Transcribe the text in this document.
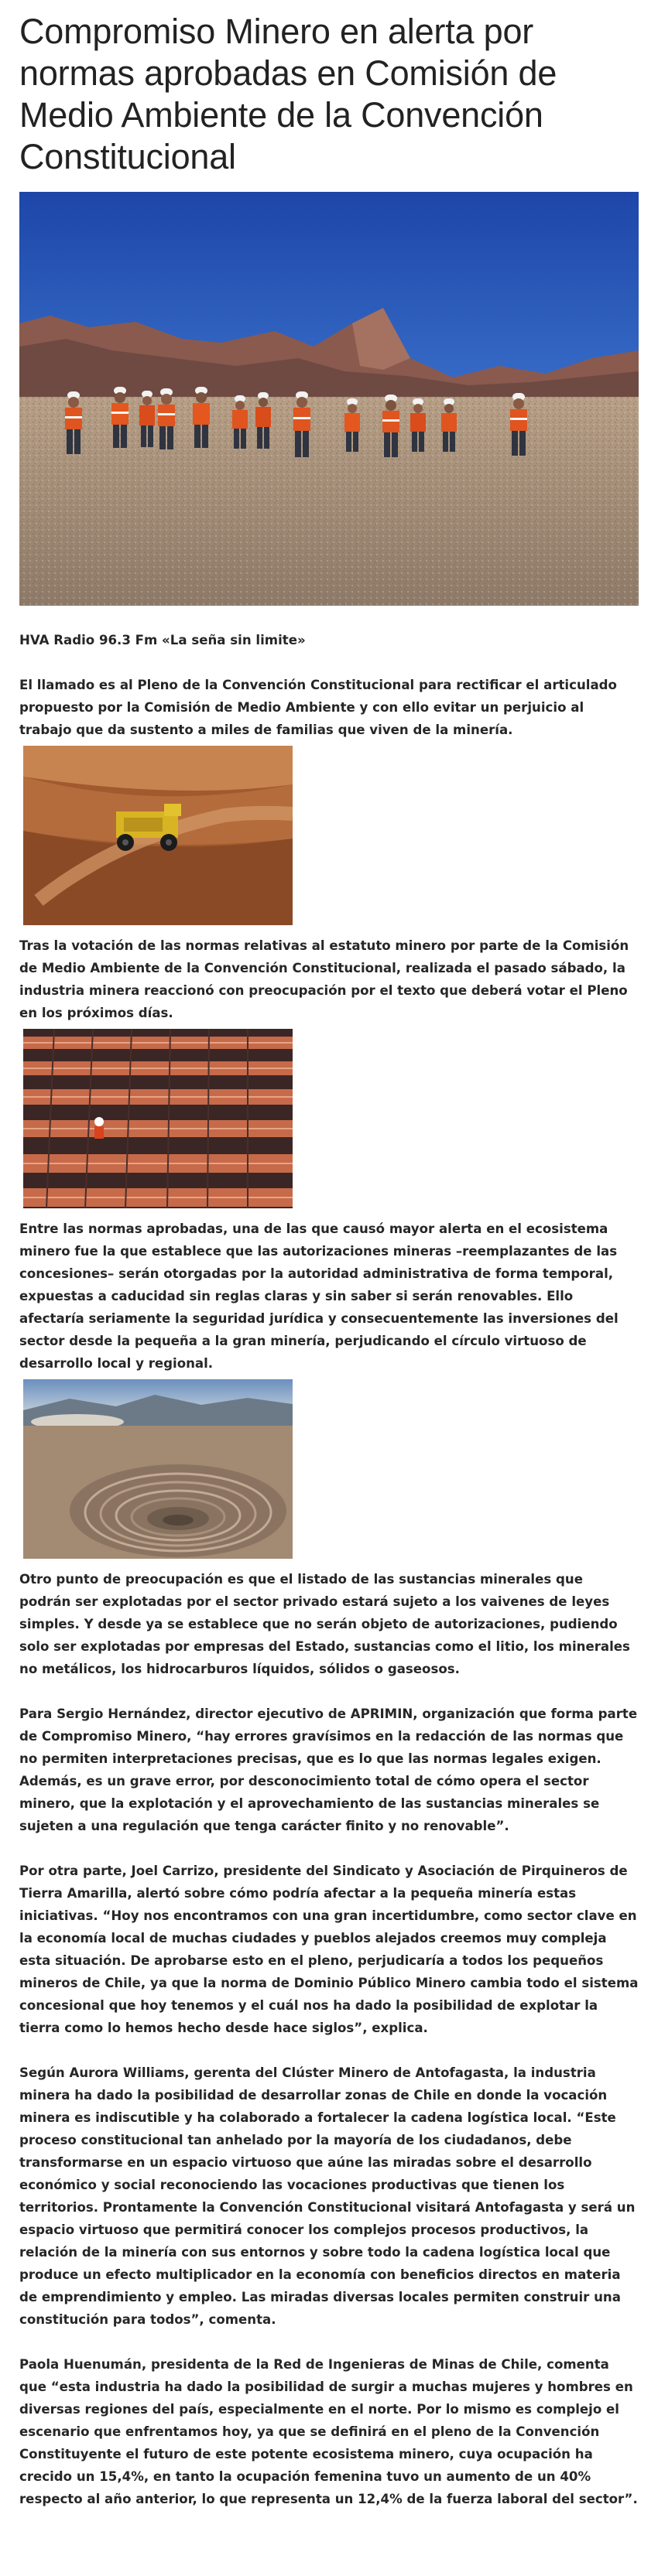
Compromiso Minero en alerta por normas aprobadas en Comisión de Medio Ambiente de la Convención Constitucional

HVA Radio 96.3 Fm «La seña sin limite»

El llamado es al Pleno de la Convención Constitucional para rectificar el articulado propuesto por la Comisión de Medio Ambiente y con ello evitar un perjuicio al trabajo que da sustento a miles de familias que viven de la minería.

Tras la votación de las normas relativas al estatuto minero por parte de la Comisión de Medio Ambiente de la Convención Constitucional, realizada el pasado sábado, la industria minera reaccionó con preocupación por el texto que deberá votar el Pleno en los próximos días.

Entre las normas aprobadas, una de las que causó mayor alerta en el ecosistema minero fue la que establece que las autorizaciones mineras –reemplazantes de las concesiones– serán otorgadas por la autoridad administrativa de forma temporal, expuestas a caducidad sin reglas claras y sin saber si serán renovables. Ello afectaría seriamente la seguridad jurídica y consecuentemente las inversiones del sector desde la pequeña a la gran minería, perjudicando el círculo virtuoso de desarrollo local y regional.

Otro punto de preocupación es que el listado de las sustancias minerales que podrán ser explotadas por el sector privado estará sujeto a los vaivenes de leyes simples. Y desde ya se establece que no serán objeto de autorizaciones, pudiendo solo ser explotadas por empresas del Estado, sustancias como el litio, los minerales no metálicos, los hidrocarburos líquidos, sólidos o gaseosos.

Para Sergio Hernández, director ejecutivo de APRIMIN, organización que forma parte de Compromiso Minero, “hay errores gravísimos en la redacción de las normas que no permiten interpretaciones precisas, que es lo que las normas legales exigen. Además, es un grave error, por desconocimiento total de cómo opera el sector minero, que la explotación y el aprovechamiento de las sustancias minerales se sujeten a una regulación que tenga carácter finito y no renovable”.

Por otra parte, Joel Carrizo, presidente del Sindicato y Asociación de Pirquineros de Tierra Amarilla, alertó sobre cómo podría afectar a la pequeña minería estas iniciativas. “Hoy nos encontramos con una gran incertidumbre, como sector clave en la economía local de muchas ciudades y pueblos alejados creemos muy compleja esta situación. De aprobarse esto en el pleno, perjudicaría a todos los pequeños mineros de Chile, ya que la norma de Dominio Público Minero cambia todo el sistema concesional que hoy tenemos y el cuál nos ha dado la posibilidad de explotar la tierra como lo hemos hecho desde hace siglos”, explica.

Según Aurora Williams, gerenta del Clúster Minero de Antofagasta, la industria minera ha dado la posibilidad de desarrollar zonas de Chile en donde la vocación minera es indiscutible y ha colaborado a fortalecer la cadena logística local. “Este proceso constitucional tan anhelado por la mayoría de los ciudadanos, debe transformarse en un espacio virtuoso que aúne las miradas sobre el desarrollo económico y social reconociendo las vocaciones productivas que tienen los territorios. Prontamente la Convención Constitucional visitará Antofagasta y será un espacio virtuoso que permitirá conocer los complejos procesos productivos, la relación de la minería con sus entornos y sobre todo la cadena logística local que produce un efecto multiplicador en la economía con beneficios directos en materia de emprendimiento y empleo. Las miradas diversas locales permiten construir una constitución para todos”, comenta.

Paola Huenumán, presidenta de la Red de Ingenieras de Minas de Chile, comenta que “esta industria ha dado la posibilidad de surgir a muchas mujeres y hombres en diversas regiones del país, especialmente en el norte. Por lo mismo es complejo el escenario que enfrentamos hoy, ya que se definirá en el pleno de la Convención Constituyente el futuro de este potente ecosistema minero, cuya ocupación ha crecido un 15,4%, en tanto la ocupación femenina tuvo un aumento de un 40% respecto al año anterior, lo que representa un 12,4% de la fuerza laboral del sector”.
